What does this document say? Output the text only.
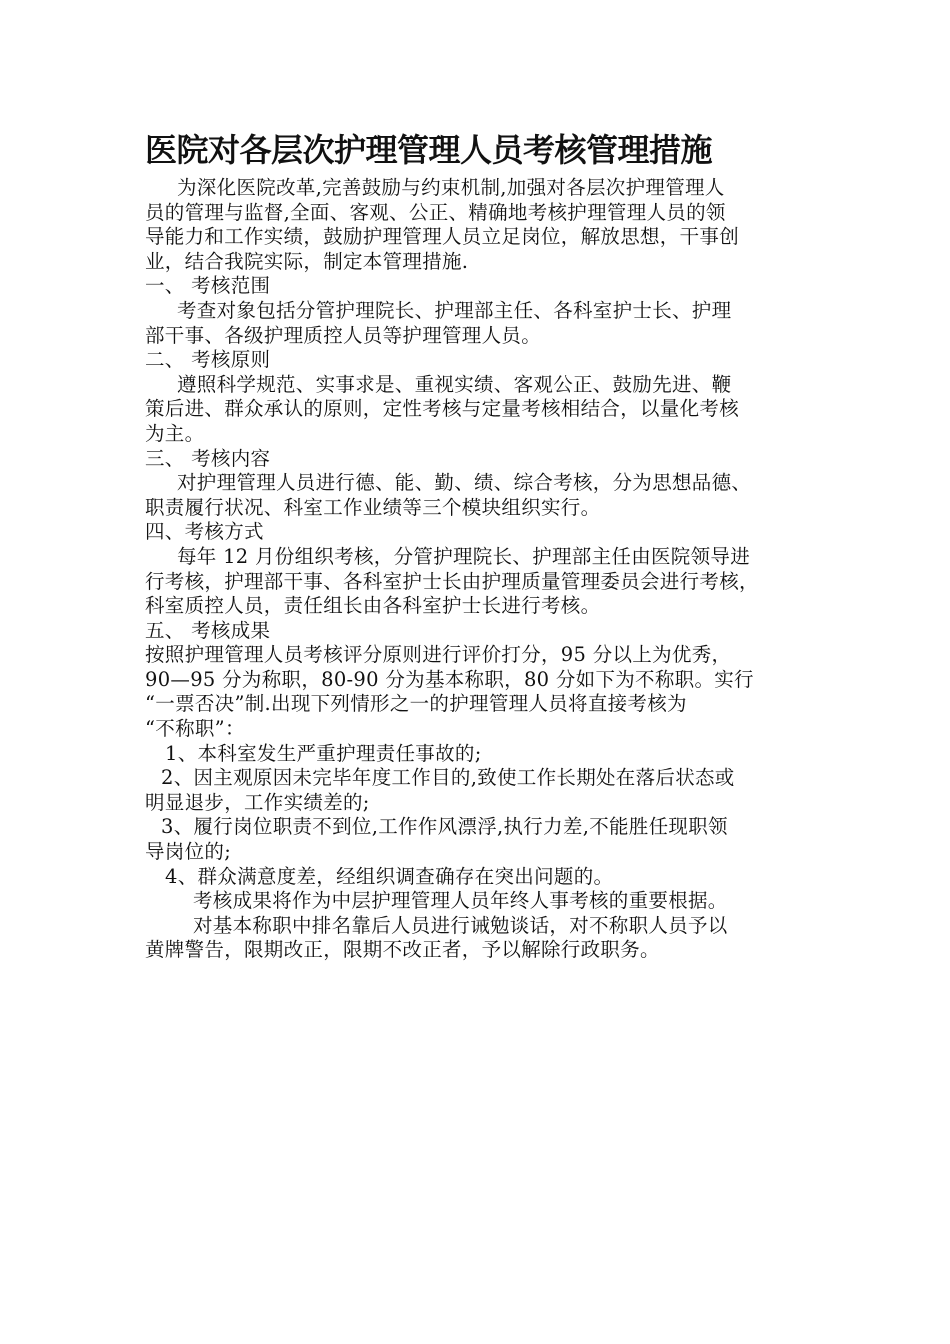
医院对各层次护理管理人员考核管理措施
为深化医院改革,完善鼓励与约束机制,加强对各层次护理管理人
员的管理与监督,全面、客观、公正、精确地考核护理管理人员的领
导能力和工作实绩，鼓励护理管理人员立足岗位，解放思想，干事创
业，结合我院实际，制定本管理措施.
一、 考核范围
考查对象包括分管护理院长、护理部主任、各科室护士长、护理
部干事、各级护理质控人员等护理管理人员。
二、 考核原则
遵照科学规范、实事求是、重视实绩、客观公正、鼓励先进、鞭
策后进、群众承认的原则，定性考核与定量考核相结合，以量化考核
为主。
三、 考核内容
对护理管理人员进行德、能、勤、绩、综合考核，分为思想品德、
职责履行状况、科室工作业绩等三个模块组织实行。
四、考核方式
每年 12 月份组织考核，分管护理院长、护理部主任由医院领导进
行考核，护理部干事、各科室护士长由护理质量管理委员会进行考核，
科室质控人员，责任组长由各科室护士长进行考核。
五、 考核成果
按照护理管理人员考核评分原则进行评价打分，95 分以上为优秀，
90—95 分为称职，80-90 分为基本称职，80 分如下为不称职。实行
“一票否决”制.出现下列情形之一的护理管理人员将直接考核为
“不称职”：
1、本科室发生严重护理责任事故的;
2、因主观原因未完毕年度工作目的,致使工作长期处在落后状态或
明显退步，工作实绩差的;
3、履行岗位职责不到位,工作作风漂浮,执行力差,不能胜任现职领
导岗位的;
4、群众满意度差，经组织调查确存在突出问题的。
考核成果将作为中层护理管理人员年终人事考核的重要根据。
对基本称职中排名靠后人员进行诫勉谈话，对不称职人员予以
黄牌警告，限期改正，限期不改正者，予以解除行政职务。
